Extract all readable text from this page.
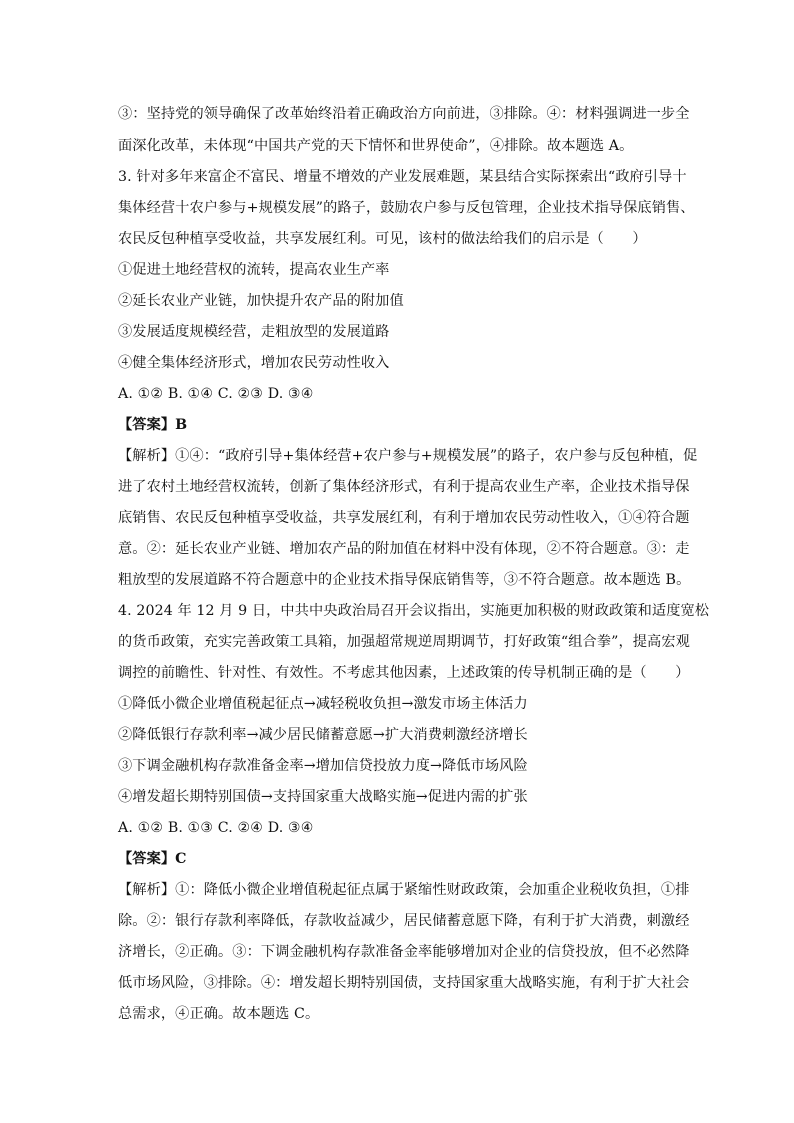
③：坚持党的领导确保了改革始终沿着正确政治方向前进，③排除。④：材料强调进一步全
面深化改革，未体现“中国共产党的天下情怀和世界使命”，④排除。故本题选 A。
3. 针对多年来富企不富民、增量不增效的产业发展难题，某县结合实际探索出“政府引导十
集体经营十农户参与+规模发展”的路子，鼓励农户参与反包管理，企业技术指导保底销售、
农民反包种植享受收益，共享发展红利。可见，该村的做法给我们的启示是（　　）
①促进土地经营权的流转，提高农业生产率
②延长农业产业链，加快提升农产品的附加值
③发展适度规模经营，走粗放型的发展道路
④健全集体经济形式，增加农民劳动性收入
A. ①② B. ①④ C. ②③ D. ③④
【答案】B
【解析】①④：“政府引导+集体经营+农户参与+规模发展”的路子，农户参与反包种植，促
进了农村土地经营权流转，创新了集体经济形式，有利于提高农业生产率，企业技术指导保
底销售、农民反包种植享受收益，共享发展红利，有利于增加农民劳动性收入，①④符合题
意。②：延长农业产业链、增加农产品的附加值在材料中没有体现，②不符合题意。③：走
粗放型的发展道路不符合题意中的企业技术指导保底销售等，③不符合题意。故本题选 B。
4. 2024 年 12 月 9 日，中共中央政治局召开会议指出，实施更加积极的财政政策和适度宽松
的货币政策，充实完善政策工具箱，加强超常规逆周期调节，打好政策“组合拳”，提高宏观
调控的前瞻性、针对性、有效性。不考虑其他因素，上述政策的传导机制正确的是（　　）
①降低小微企业增值税起征点→减轻税收负担→激发市场主体活力
②降低银行存款利率→减少居民储蓄意愿→扩大消费刺激经济增长
③下调金融机构存款准备金率→增加信贷投放力度→降低市场风险
④增发超长期特别国债→支持国家重大战略实施→促进内需的扩张
A. ①② B. ①③ C. ②④ D. ③④
【答案】C
【解析】①：降低小微企业增值税起征点属于紧缩性财政政策，会加重企业税收负担，①排
除。②：银行存款利率降低，存款收益减少，居民储蓄意愿下降，有利于扩大消费，刺激经
济增长，②正确。③：下调金融机构存款准备金率能够增加对企业的信贷投放，但不必然降
低市场风险，③排除。④：增发超长期特别国债，支持国家重大战略实施，有利于扩大社会
总需求，④正确。故本题选 C。
